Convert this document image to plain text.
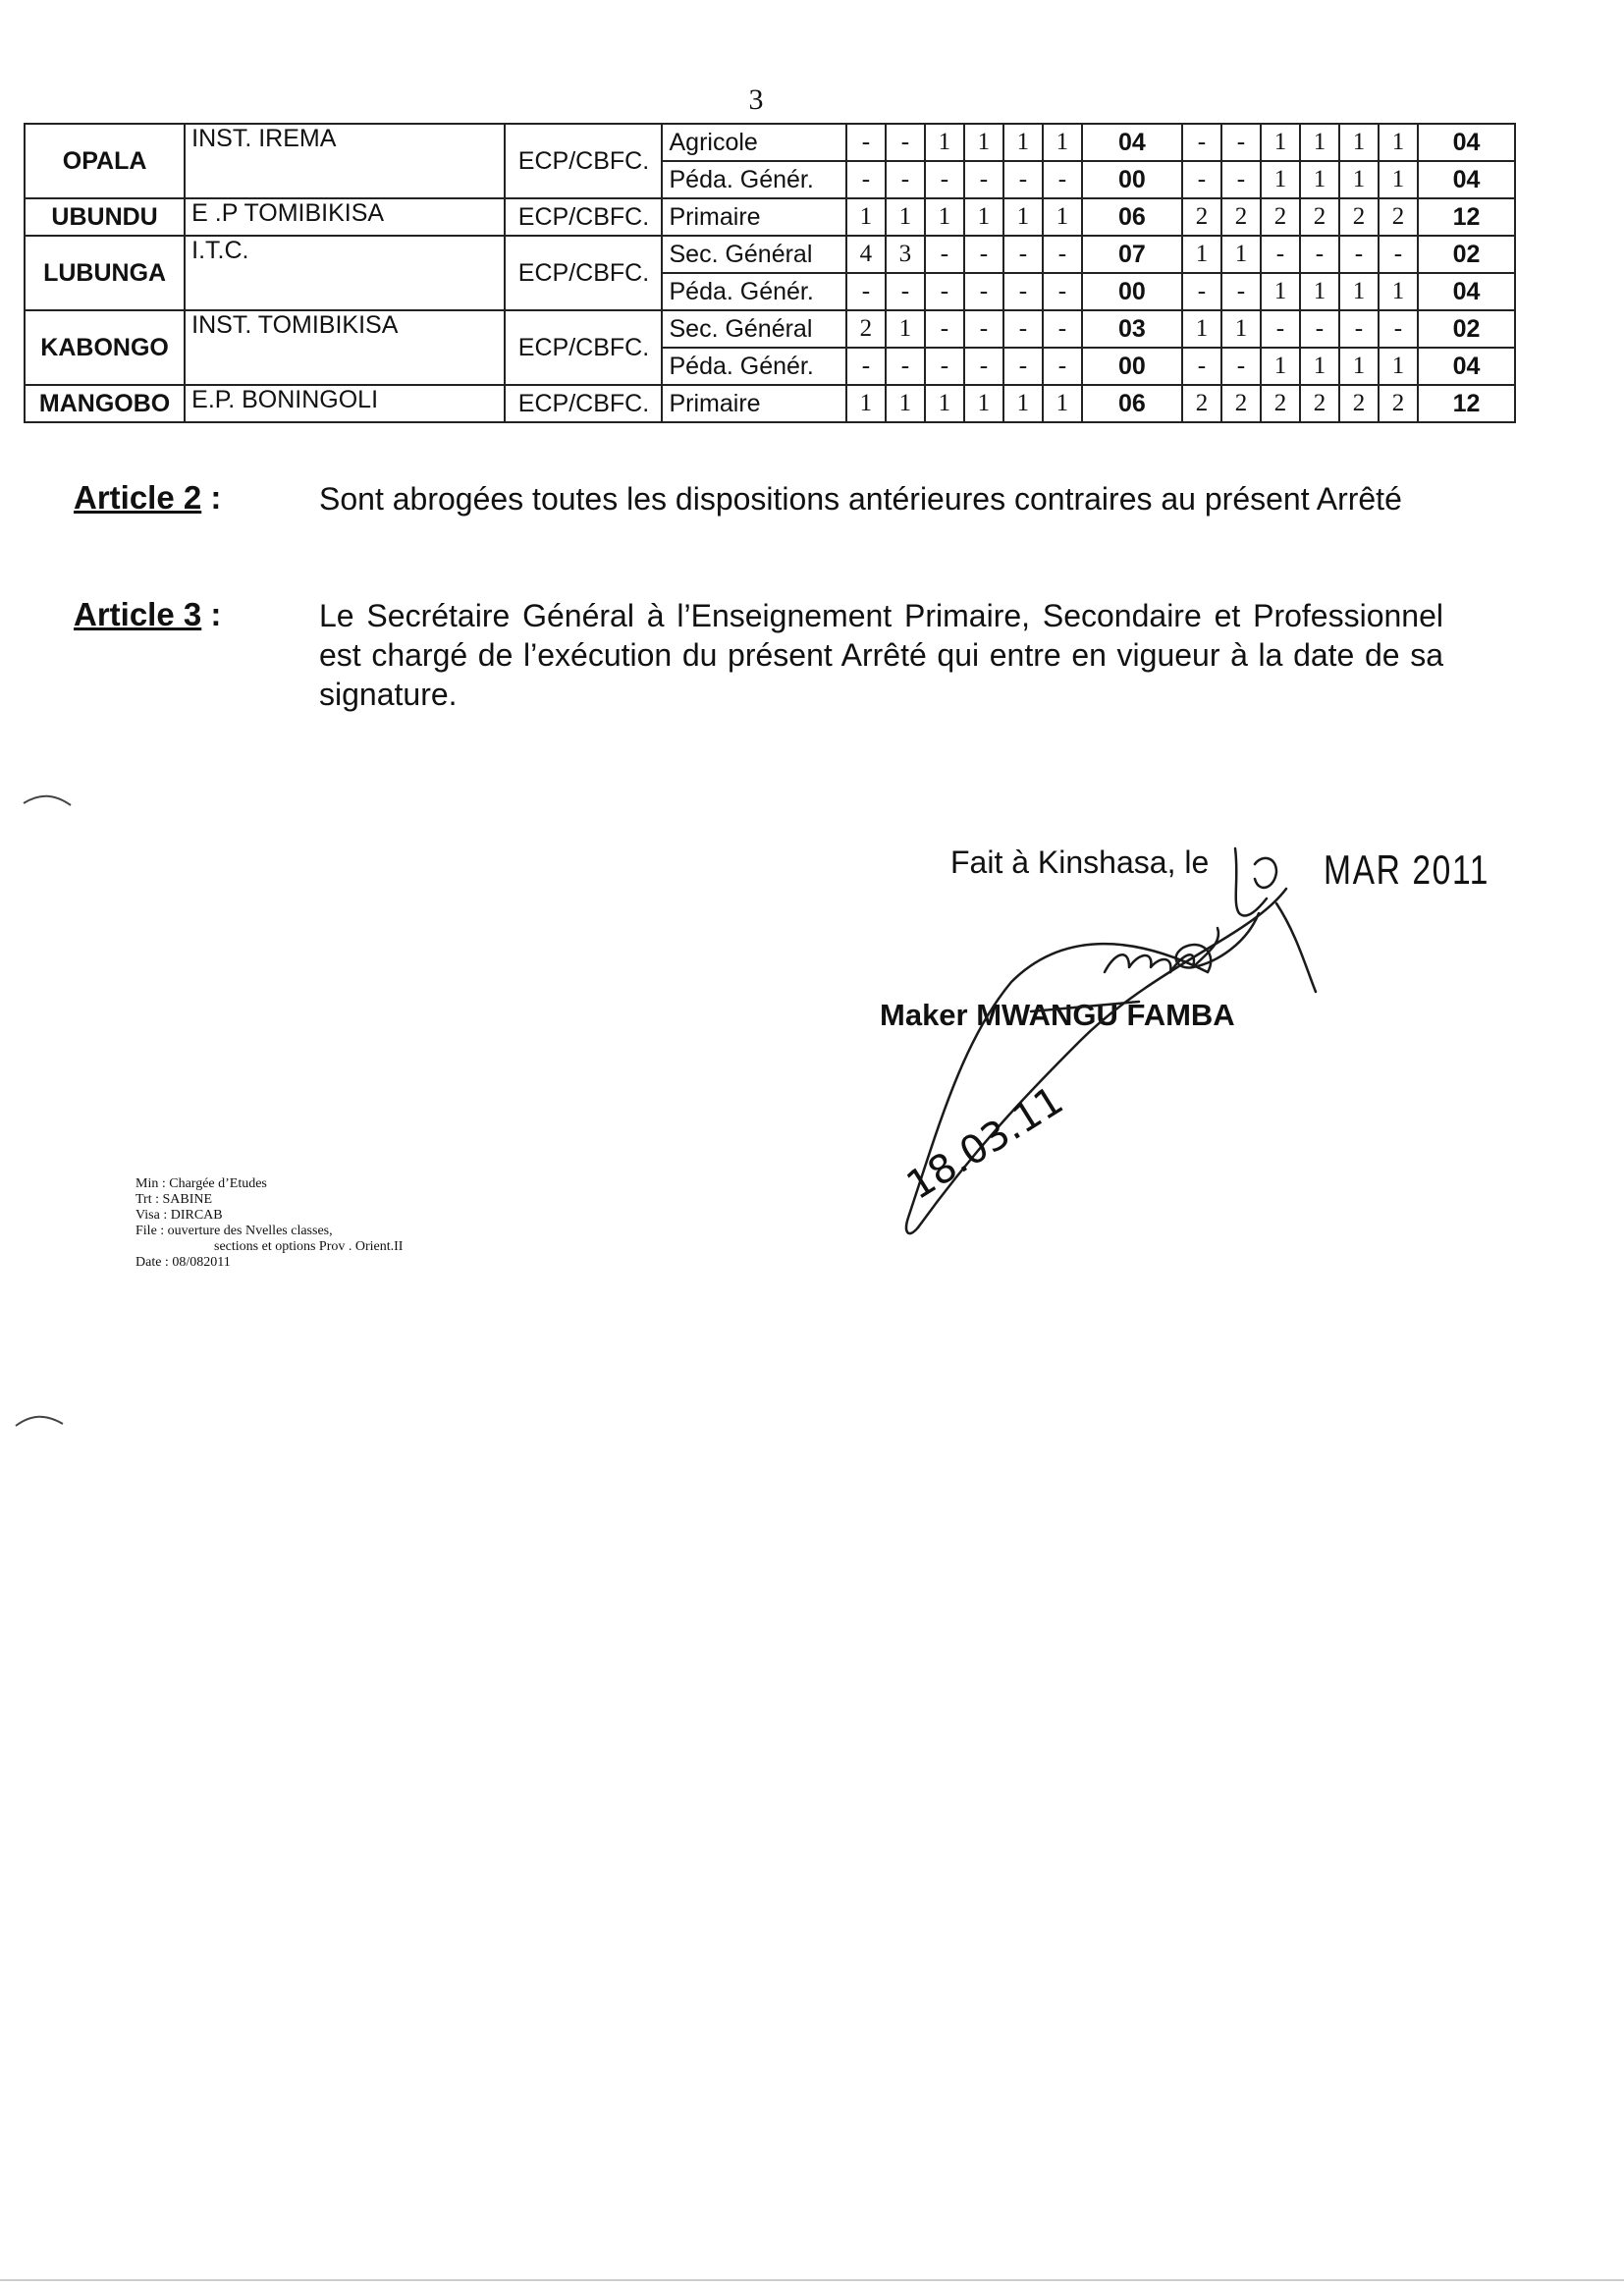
3
OPALA	INST. IREMA	ECP/CBFC.	Agricole	-	-	1	1	1	1	04	-	-	1	1	1	1	04
			Péda. Génér.	-	-	-	-	-	-	00	-	-	1	1	1	1	04
UBUNDU	E .P TOMIBIKISA	ECP/CBFC.	Primaire	1	1	1	1	1	1	06	2	2	2	2	2	2	12
LUBUNGA	I.T.C.	ECP/CBFC.	Sec. Général	4	3	-	-	-	-	07	1	1	-	-	-	-	02
			Péda. Génér.	-	-	-	-	-	-	00	-	-	1	1	1	1	04
KABONGO	INST. TOMIBIKISA	ECP/CBFC.	Sec. Général	2	1	-	-	-	-	03	1	1	-	-	-	-	02
			Péda. Génér.	-	-	-	-	-	-	00	-	-	1	1	1	1	04
MANGOBO	E.P. BONINGOLI	ECP/CBFC.	Primaire	1	1	1	1	1	1	06	2	2	2	2	2	2	12
Article 2 :	Sont abrogées toutes les dispositions antérieures contraires au présent Arrêté
Article 3 :	Le Secrétaire Général à l’Enseignement Primaire, Secondaire et Professionnel est chargé de l’exécution du présent Arrêté qui entre en vigueur à la date de sa signature.
Fait à Kinshasa, le	MAR 2011
Maker MWANGU FAMBA
18.03.11
Min : Chargée d’Etudes
Trt : SABINE
Visa : DIRCAB
File : ouverture des Nvelles classes,
sections et options Prov . Orient.II
Date : 08/082011
